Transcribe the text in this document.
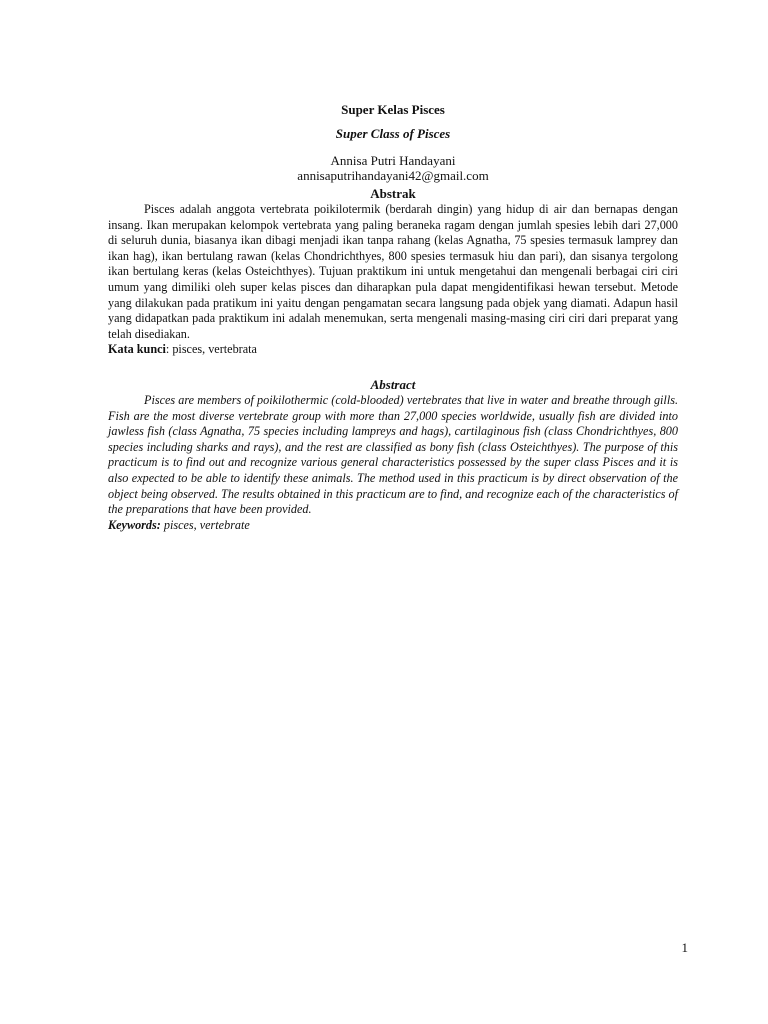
Super Kelas Pisces

Super Class of Pisces

Annisa Putri Handayani

annisaputrihandayani42@gmail.com

Abstrak

Pisces adalah anggota vertebrata poikilotermik (berdarah dingin) yang hidup di air dan bernapas dengan insang. Ikan merupakan kelompok vertebrata yang paling beraneka ragam dengan jumlah spesies lebih dari 27,000 di seluruh dunia, biasanya ikan dibagi menjadi ikan tanpa rahang (kelas Agnatha, 75 spesies termasuk lamprey dan ikan hag), ikan bertulang rawan (kelas Chondrichthyes, 800 spesies termasuk hiu dan pari), dan sisanya tergolong ikan bertulang keras (kelas Osteichthyes). Tujuan praktikum ini untuk mengetahui dan mengenali berbagai ciri ciri umum yang dimiliki oleh super kelas pisces dan diharapkan pula dapat mengidentifikasi hewan tersebut. Metode yang dilakukan pada pratikum ini yaitu dengan pengamatan secara langsung pada objek yang diamati. Adapun hasil yang didapatkan pada praktikum ini adalah menemukan, serta mengenali masing-masing ciri ciri dari preparat yang telah disediakan.

Kata kunci: pisces, vertebrata

Abstract

Pisces are members of poikilothermic (cold-blooded) vertebrates that live in water and breathe through gills. Fish are the most diverse vertebrate group with more than 27,000 species worldwide, usually fish are divided into jawless fish (class Agnatha, 75 species including lampreys and hags), cartilaginous fish (class Chondrichthyes, 800 species including sharks and rays), and the rest are classified as bony fish (class Osteichthyes). The purpose of this practicum is to find out and recognize various general characteristics possessed by the super class Pisces and it is also expected to be able to identify these animals. The method used in this practicum is by direct observation of the object being observed. The results obtained in this practicum are to find, and recognize each of the characteristics of the preparations that have been provided.

Keywords: pisces, vertebrate

1
